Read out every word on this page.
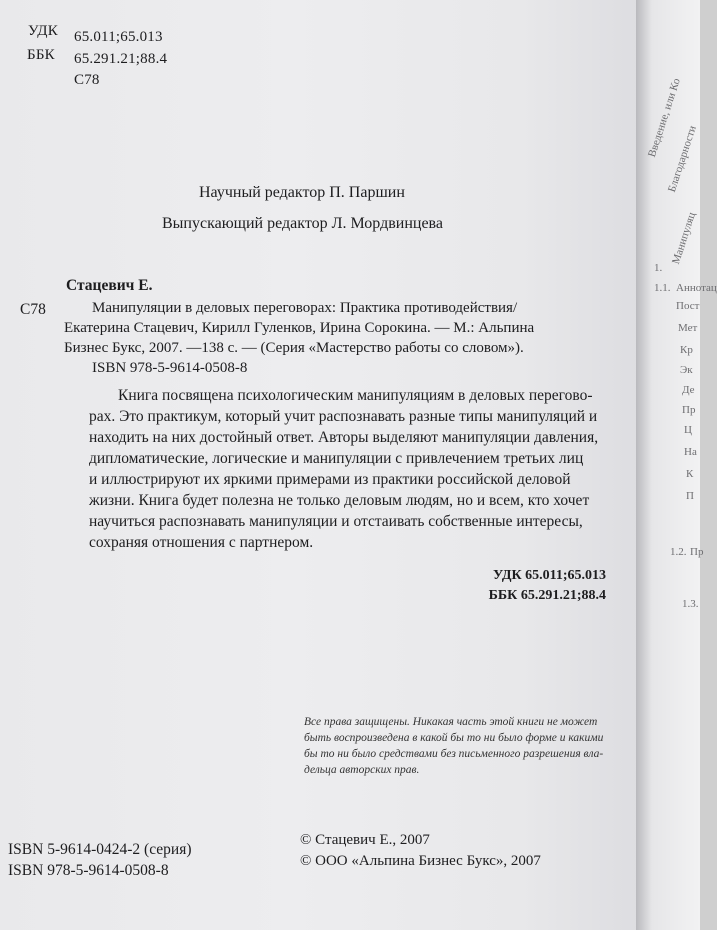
УДК 65.011;65.013
ББК 65.291.21;88.4
С78
Научный редактор П. Паршин
Выпускающий редактор Л. Мордвинцева
Стацевич Е.
С78	Манипуляции в деловых переговорах: Практика противодействия/
Екатерина Стацевич, Кирилл Гуленков, Ирина Сорокина. — М.: Альпина
Бизнес Букс, 2007. —138 с. — (Серия «Мастерство работы со словом»).
ISBN 978-5-9614-0508-8
Книга посвящена психологическим манипуляциям в деловых перегово-
рах. Это практикум, который учит распознавать разные типы манипуляций и
находить на них достойный ответ. Авторы выделяют манипуляции давления,
дипломатические, логические и манипуляции с привлечением третьих лиц
и иллюстрируют их яркими примерами из практики российской деловой
жизни. Книга будет полезна не только деловым людям, но и всем, кто хочет
научиться распознавать манипуляции и отстаивать собственные интересы,
сохраняя отношения с партнером.
УДК 65.011;65.013
ББК 65.291.21;88.4
Все права защищены. Никакая часть этой книги не может
быть воспроизведена в какой бы то ни было форме и какими
бы то ни было средствами без письменного разрешения вла-
дельца авторских прав.
ISBN 5-9614-0424-2 (серия)
ISBN 978-5-9614-0508-8
© Стацевич Е., 2007
© ООО «Альпина Бизнес Букс», 2007
Введение, или Ко
Благодарности
1.
Манипуляц
1.1. Аннотац
Пост
Мет
Кр
Эк
Де
Пр
Ц
На
К
П
1.2. Пр
1.3.
